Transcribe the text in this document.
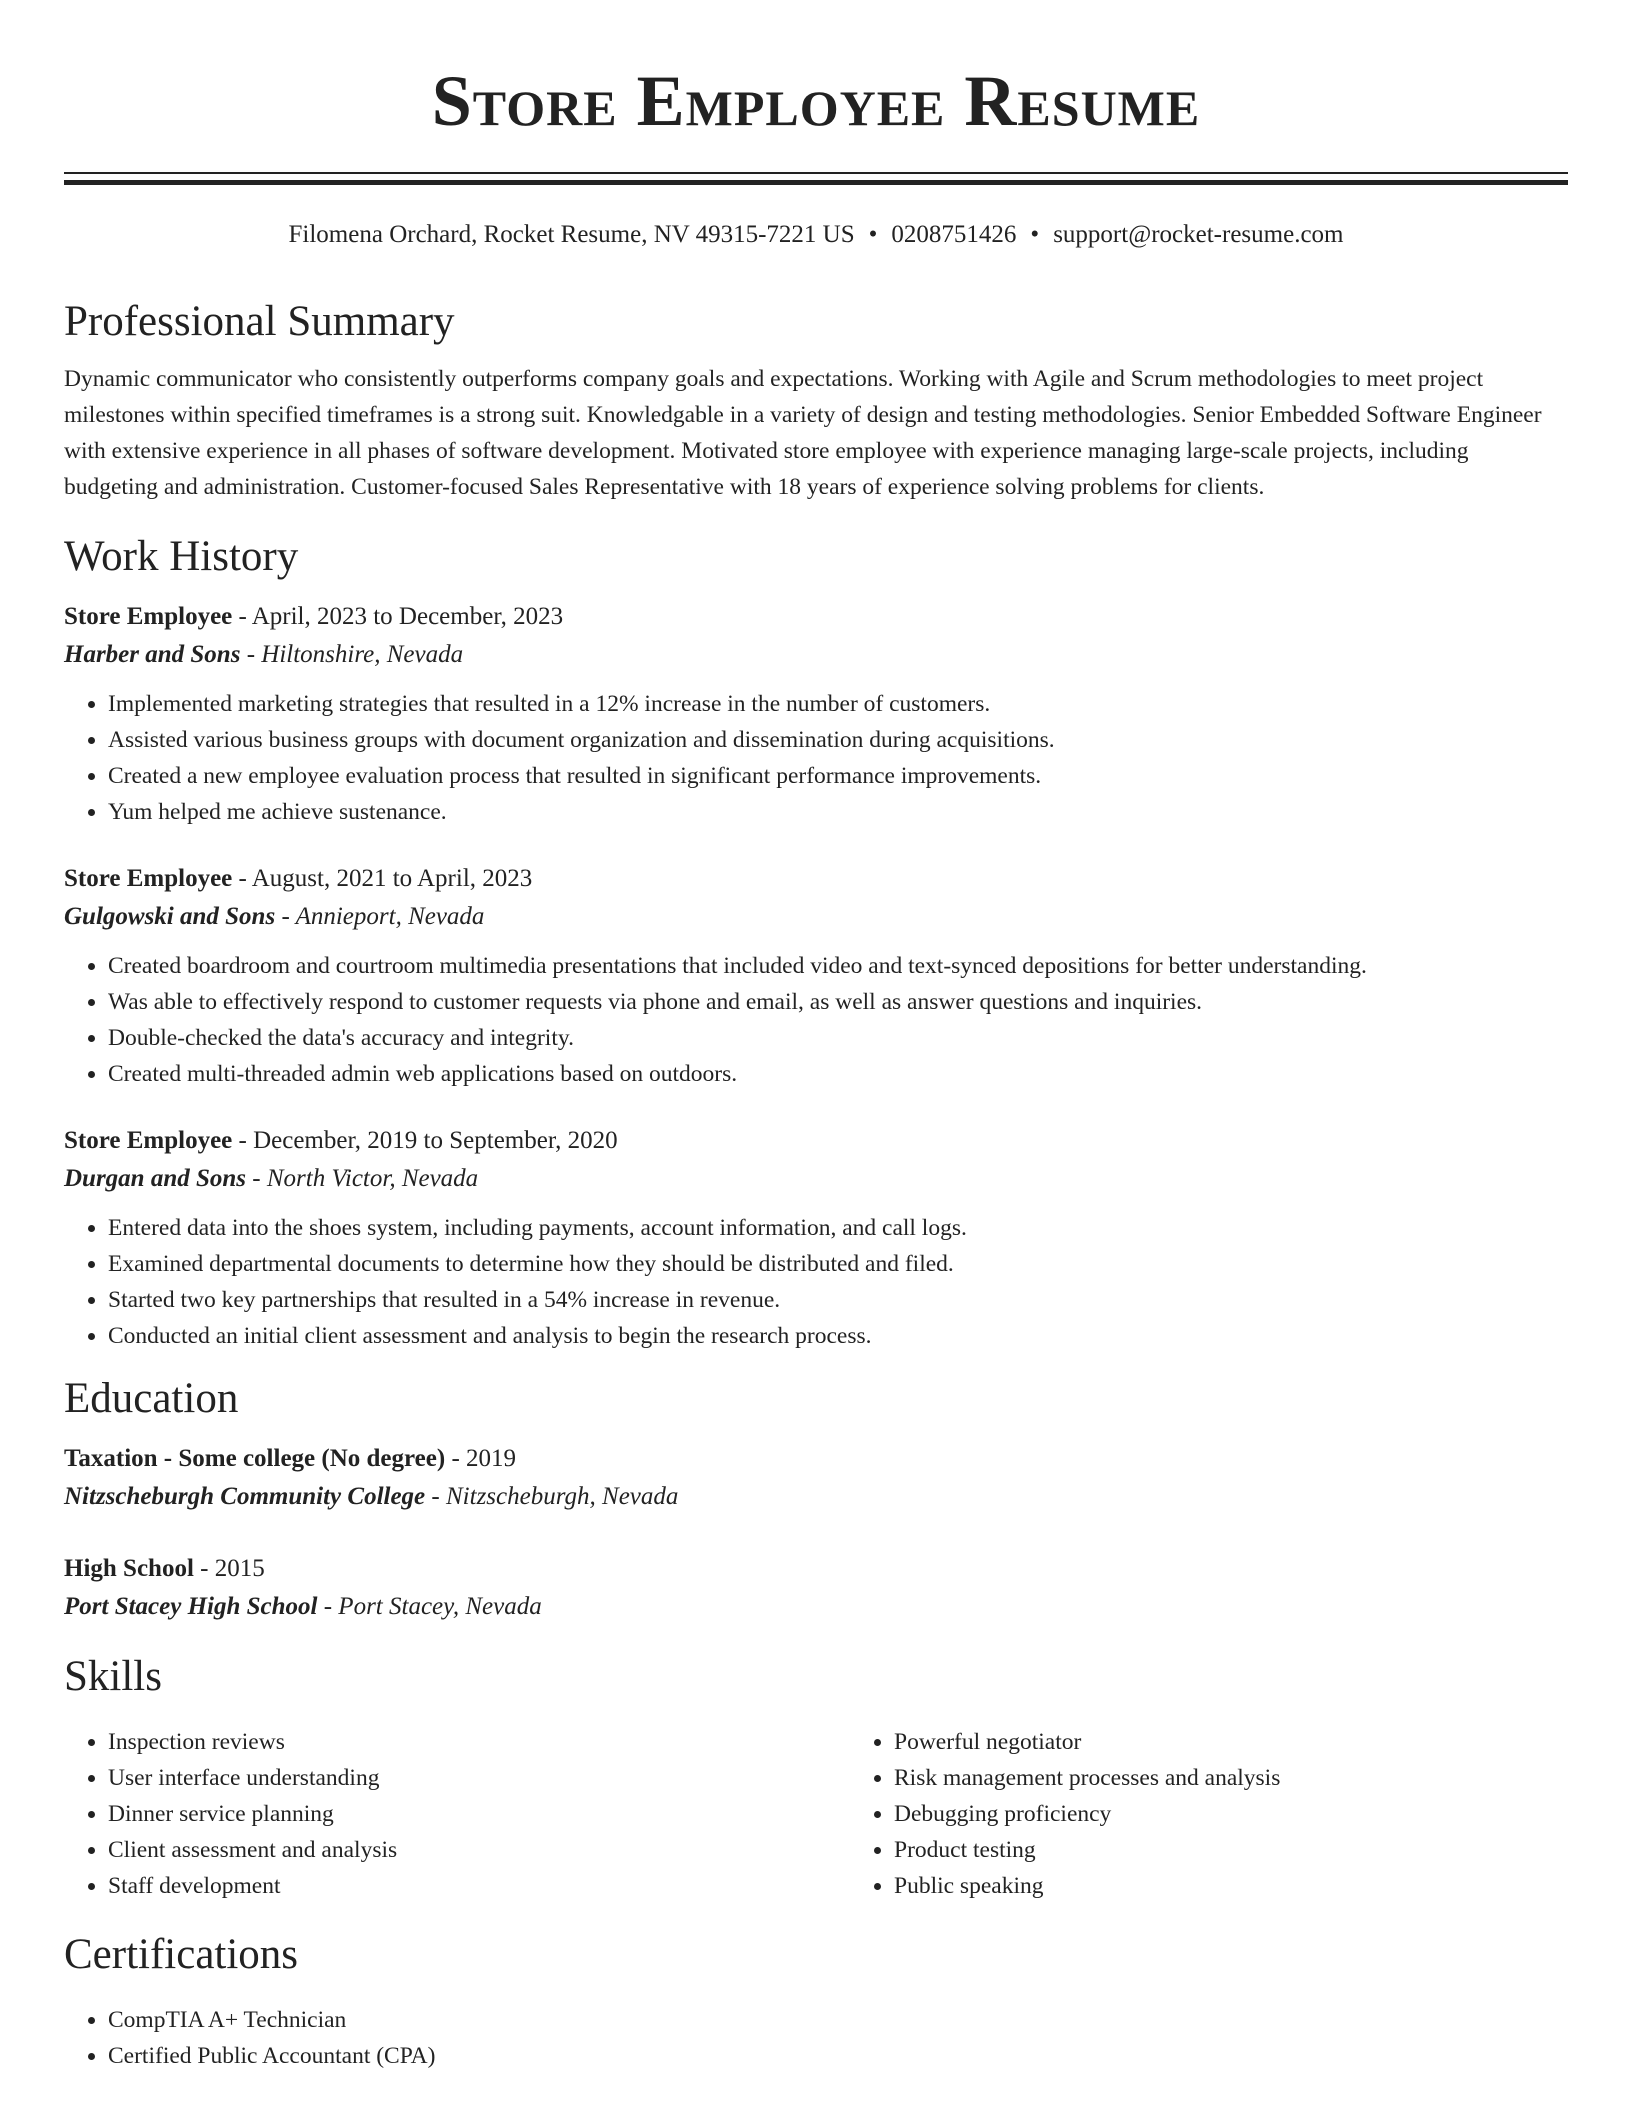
Store Employee Resume
Filomena Orchard, Rocket Resume, NV 49315-7221 US • 0208751426 • support@rocket-resume.com
Professional Summary

Dynamic communicator who consistently outperforms company goals and expectations. Working with Agile and Scrum methodologies to meet project milestones within specified timeframes is a strong suit. Knowledgable in a variety of design and testing methodologies. Senior Embedded Software Engineer with extensive experience in all phases of software development. Motivated store employee with experience managing large-scale projects, including budgeting and administration. Customer-focused Sales Representative with 18 years of experience solving problems for clients.

Work History
Store Employee - April, 2023 to December, 2023
Harber and Sons - Hiltonshire, Nevada
• Implemented marketing strategies that resulted in a 12% increase in the number of customers.
• Assisted various business groups with document organization and dissemination during acquisitions.
• Created a new employee evaluation process that resulted in significant performance improvements.
• Yum helped me achieve sustenance.
Store Employee - August, 2021 to April, 2023
Gulgowski and Sons - Annieport, Nevada
• Created boardroom and courtroom multimedia presentations that included video and text-synced depositions for better understanding.
• Was able to effectively respond to customer requests via phone and email, as well as answer questions and inquiries.
• Double-checked the data's accuracy and integrity.
• Created multi-threaded admin web applications based on outdoors.
Store Employee - December, 2019 to September, 2020
Durgan and Sons - North Victor, Nevada
• Entered data into the shoes system, including payments, account information, and call logs.
• Examined departmental documents to determine how they should be distributed and filed.
• Started two key partnerships that resulted in a 54% increase in revenue.
• Conducted an initial client assessment and analysis to begin the research process.
Education
Taxation - Some college (No degree) - 2019
Nitzscheburgh Community College - Nitzscheburgh, Nevada
High School - 2015
Port Stacey High School - Port Stacey, Nevada
Skills
• Inspection reviews
• User interface understanding
• Dinner service planning
• Client assessment and analysis
• Staff development
• Powerful negotiator
• Risk management processes and analysis
• Debugging proficiency
• Product testing
• Public speaking
Certifications
• CompTIA A+ Technician
• Certified Public Accountant (CPA)
